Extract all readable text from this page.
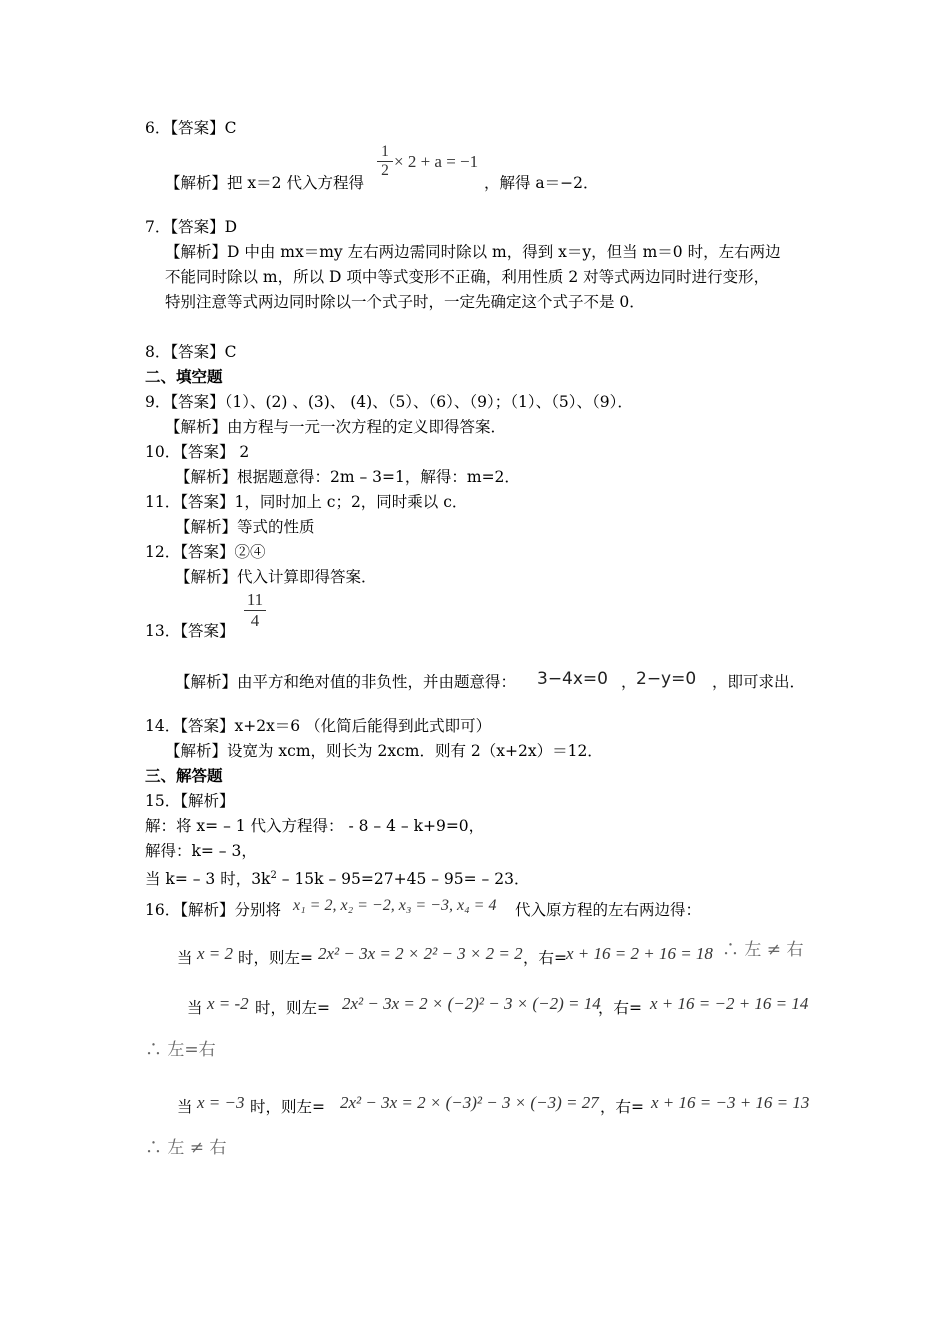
6．【答案】C
$\frac{1}{2} \times 2 + a = -1$
【解析】把 x＝2 代入方程得	，解得 a＝−2．
7．【答案】D
【解析】D 中由 mx＝my 左右两边需同时除以 m，得到 x＝y，但当 m＝0 时，左右两边
不能同时除以 m，所以 D 项中等式变形不正确，利用性质 2 对等式两边同时进行变形，
特别注意等式两边同时除以一个式子时，一定先确定这个式子不是 0．
8．【答案】C
二、填空题
9．【答案】（1）、(2) 、(3)、 (4)、（5）、（6）、（9）；（1）、（5）、（9）．
【解析】由方程与一元一次方程的定义即得答案．
10．【答案】 2
【解析】根据题意得：2m – 3=1，解得：m=2．
11．【答案】1，同时加上 c；2，同时乘以 c．
【解析】等式的性质
12．【答案】②④
【解析】代入计算即得答案．
13．【答案】 $\frac{11}{4}$
【解析】由平方和绝对值的非负性，并由题意得： 3−4x=0 ， 2−y=0 ，即可求出．
14．【答案】x+2x＝6 （化简后能得到此式即可）
【解析】设宽为 xcm，则长为 2xcm．则有 2（x+2x）＝12．
三、解答题
15．【解析】
解：将 x= – 1 代入方程得： - 8 – 4 – k+9=0，
解得：k= – 3，
当 k= – 3 时，$3k^2 - 15k - 95=27+45 - 95= - 23$．
16．【解析】分别将 x₁ = 2, x₂ = −2, x₃ = −3, x₄ = 4 代入原方程的左右两边得：
当 x = 2 时，则左= 2x² − 3x = 2 × 2² − 3 × 2 = 2 ，右= x + 16 = 2 + 16 = 18 ∴ 左 ≠ 右
当 x = -2 时，则左= 2x² − 3x = 2 × (−2)² − 3 × (−2) = 14
，右= x + 16 = −2 + 16 = 14
∴ 左=右
当 x = −3 时，则左= 2x² − 3x = 2 × (−3)² − 3 × (−3) = 27 ，右= x + 16 = −3 + 16 = 13
∴ 左 ≠ 右
